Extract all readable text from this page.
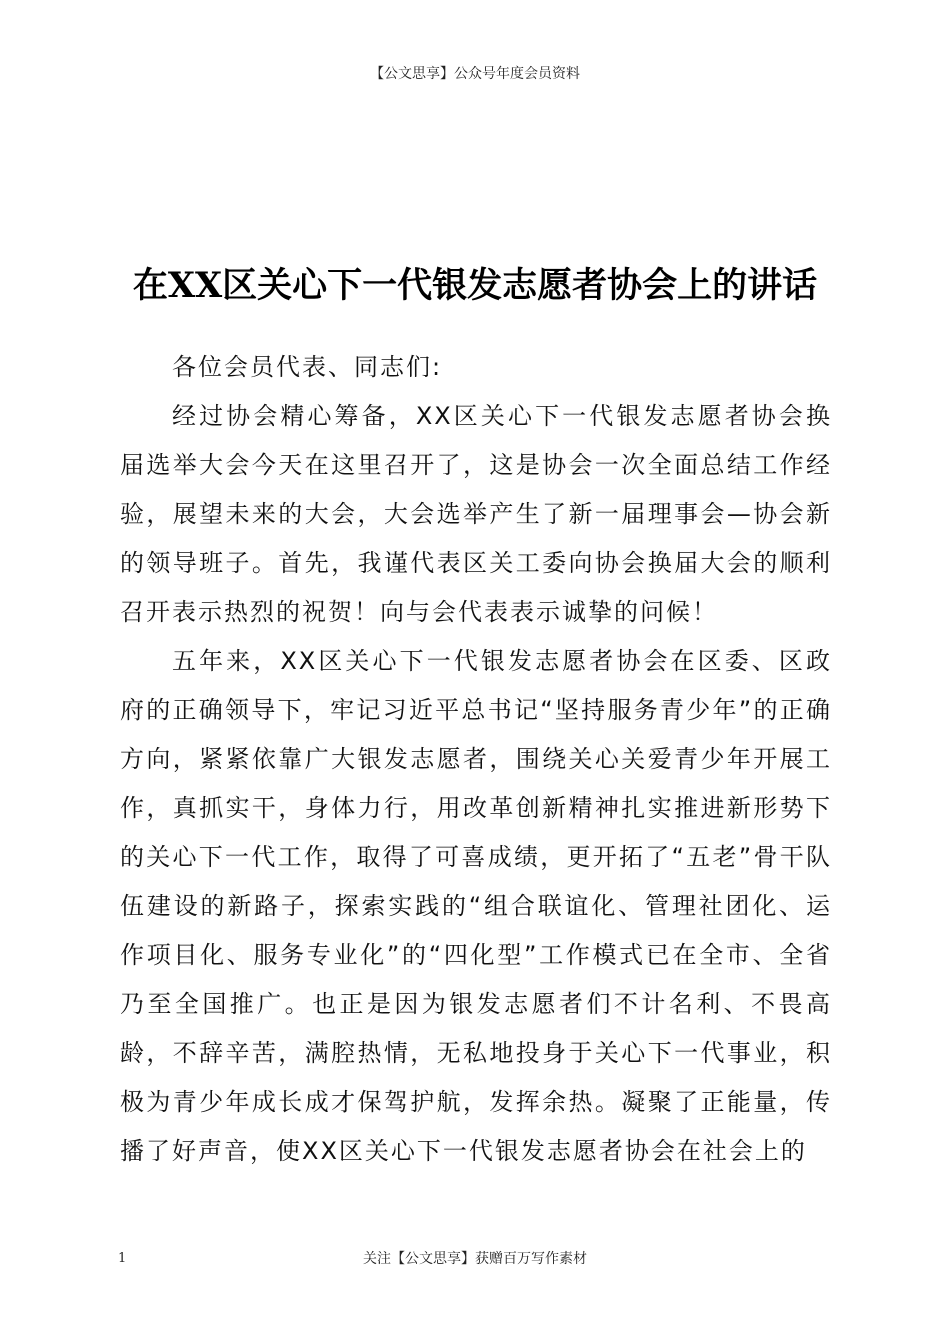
【公文思享】公众号年度会员资料
在XX区关心下一代银发志愿者协会上的讲话

各位会员代表、同志们:

经过协会精心筹备，XX区关心下一代银发志愿者协会换届选举大会今天在这里召开了，这是协会一次全面总结工作经验，展望未来的大会，大会选举产生了新一届理事会—协会新的领导班子。首先，我谨代表区关工委向协会换届大会的顺利召开表示热烈的祝贺！向与会代表表示诚挚的问候！

五年来，XX区关心下一代银发志愿者协会在区委、区政府的正确领导下，牢记习近平总书记“坚持服务青少年”的正确方向，紧紧依靠广大银发志愿者，围绕关心关爱青少年开展工作，真抓实干，身体力行，用改革创新精神扎实推进新形势下的关心下一代工作，取得了可喜成绩，更开拓了“五老”骨干队伍建设的新路子，探索实践的“组合联谊化、管理社团化、运作项目化、服务专业化”的“四化型”工作模式已在全市、全省乃至全国推广。也正是因为银发志愿者们不计名利、不畏高龄，不辞辛苦，满腔热情，无私地投身于关心下一代事业，积极为青少年成长成才保驾护航，发挥余热。凝聚了正能量，传播了好声音，使XX区关心下一代银发志愿者协会在社会上的

1	关注【公文思享】获赠百万写作素材
